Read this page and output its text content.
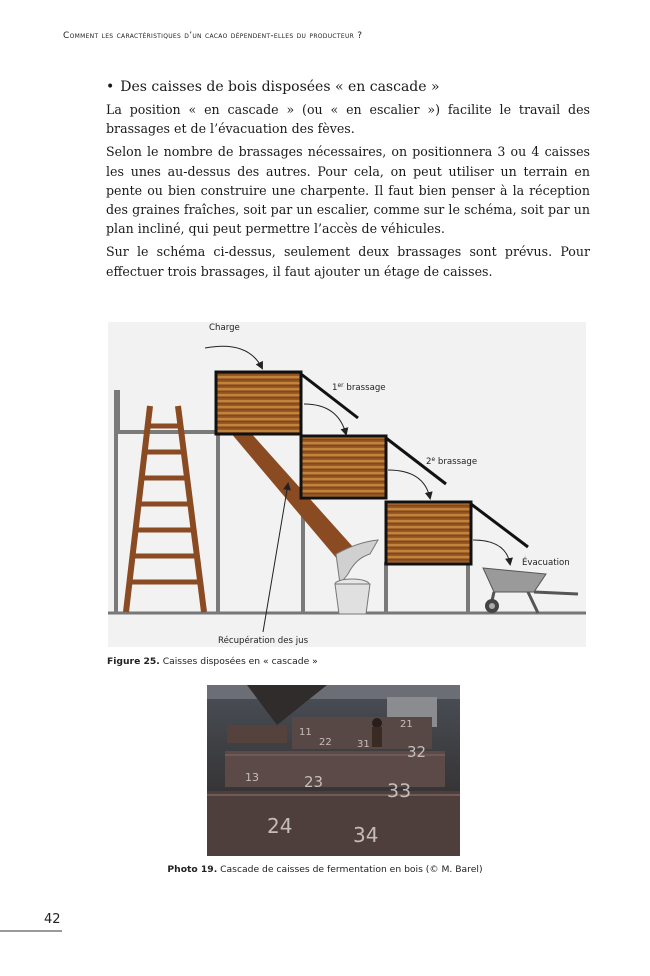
Comment les caractéristiques d’un cacao dépendent-elles du producteur ?

• Des caisses de bois disposées « en cascade »

La position « en cascade » (ou « en escalier ») facilite le travail des brassages et de l’évacuation des fèves.

Selon le nombre de brassages nécessaires, on positionnera 3 ou 4 caisses les unes au-dessus des autres. Pour cela, on peut utiliser un terrain en pente ou bien construire une charpente. Il faut bien penser à la réception des graines fraîches, soit par un escalier, comme sur le schéma, soit par un plan incliné, qui peut permettre l’accès de véhicules.

Sur le schéma ci-dessus, seulement deux brassages sont prévus. Pour effectuer trois brassages, il faut ajouter un étage de caisses.

Charge
1er brassage
2e brassage
Évacuation
Récupération des jus
Figure 25. Caisses disposées en « cascade »
11
21
22	31 32
13	23	33
24	34
Photo 19. Cascade de caisses de fermentation en bois (© M. Barel)
42
